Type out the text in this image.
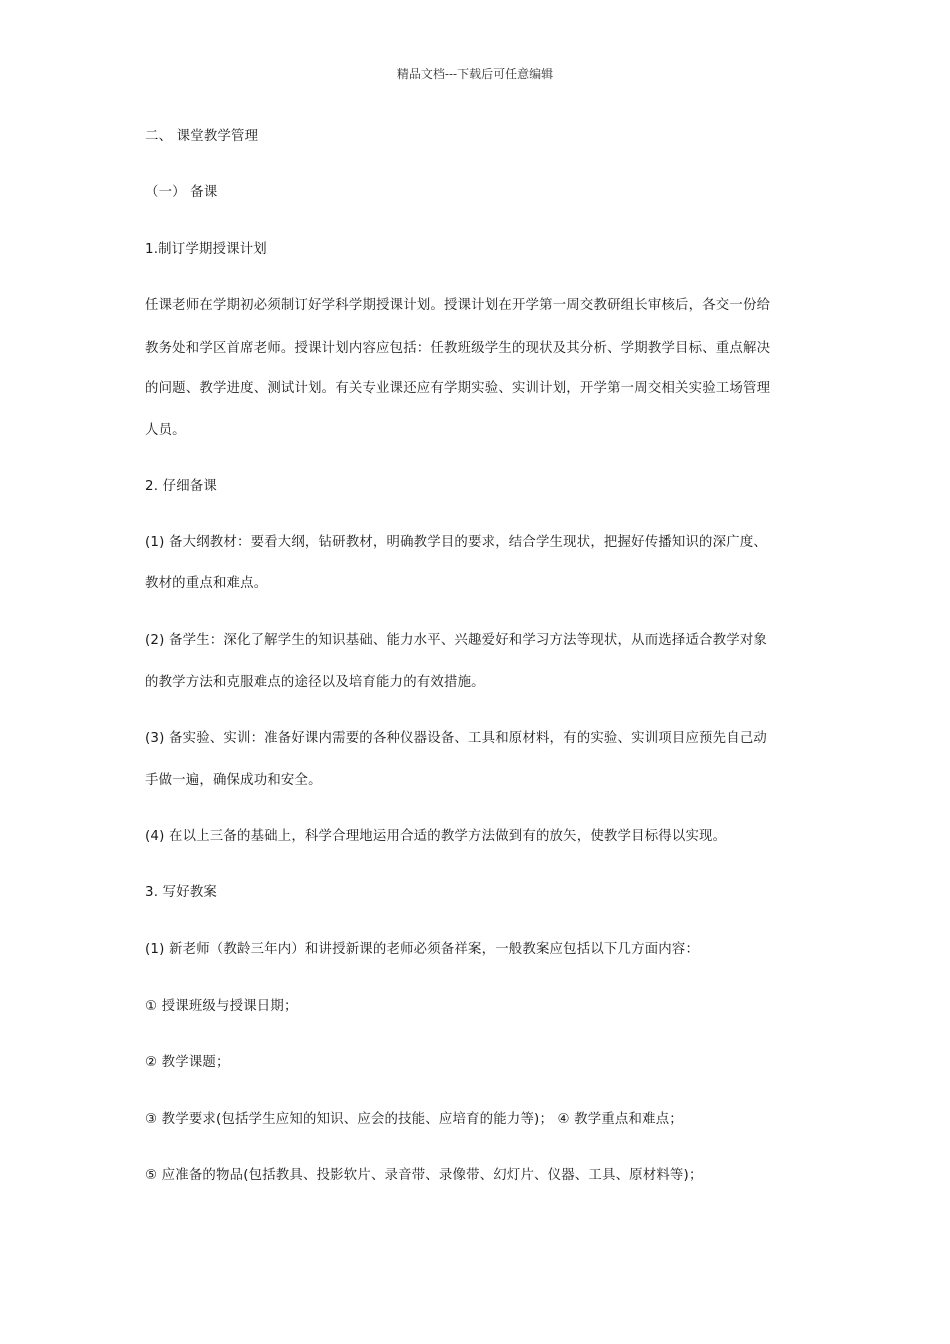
精品文档---下载后可任意编辑
二、 课堂教学管理
（一） 备课
1.制订学期授课计划
任课老师在学期初必须制订好学科学期授课计划。授课计划在开学第一周交教研组长审核后，各交一份给
教务处和学区首席老师。授课计划内容应包括：任教班级学生的现状及其分析、学期教学目标、重点解决
的问题、教学进度、测试计划。有关专业课还应有学期实验、实训计划，开学第一周交相关实验工场管理
人员。
2. 仔细备课
(1) 备大纲教材：要看大纲，钻研教材，明确教学目的要求，结合学生现状，把握好传播知识的深广度、
教材的重点和难点。
(2) 备学生：深化了解学生的知识基础、能力水平、兴趣爱好和学习方法等现状，从而选择适合教学对象
的教学方法和克服难点的途径以及培育能力的有效措施。
(3) 备实验、实训：准备好课内需要的各种仪器设备、工具和原材料，有的实验、实训项目应预先自己动
手做一遍，确保成功和安全。
(4) 在以上三备的基础上，科学合理地运用合适的教学方法做到有的放矢，使教学目标得以实现。
3. 写好教案
(1) 新老师（教龄三年内）和讲授新课的老师必须备祥案，一般教案应包括以下几方面内容：
① 授课班级与授课日期；
② 教学课题；
③ 教学要求(包括学生应知的知识、应会的技能、应培育的能力等)； ④ 教学重点和难点；
⑤ 应准备的物品(包括教具、投影软片、录音带、录像带、幻灯片、仪器、工具、原材料等)；
